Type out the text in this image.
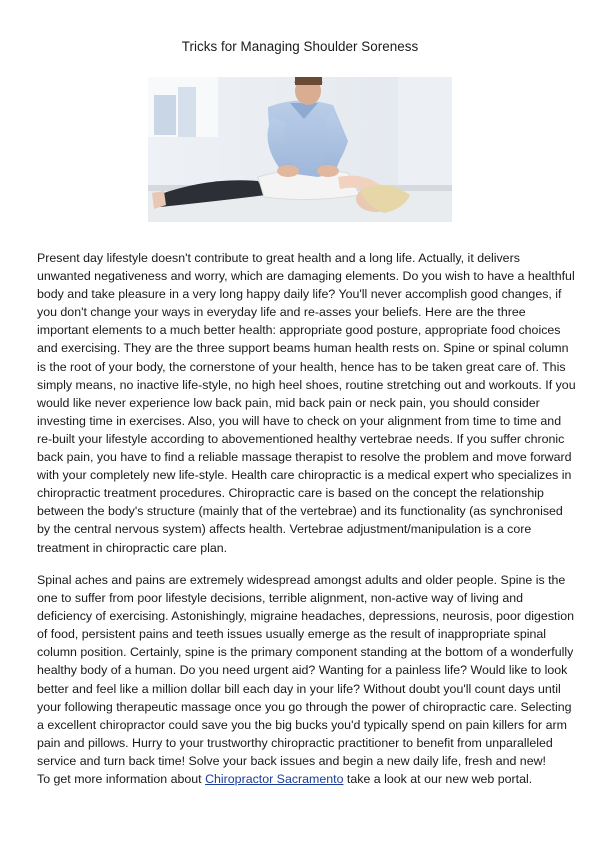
Tricks for Managing Shoulder Soreness

Present day lifestyle doesn't contribute to great health and a long life. Actually, it delivers
unwanted negativeness and worry, which are damaging elements. Do you wish to have a healthful
body and take pleasure in a very long happy daily life? You'll never accomplish good changes, if
you don't change your ways in everyday life and re-asses your beliefs. Here are the three
important elements to a much better health: appropriate good posture, appropriate food choices
and exercising. They are the three support beams human health rests on. Spine or spinal column
is the root of your body, the cornerstone of your health, hence has to be taken great care of. This
simply means, no inactive life-style, no high heel shoes, routine stretching out and workouts. If you
would like never experience low back pain, mid back pain or neck pain, you should consider
investing time in exercises. Also, you will have to check on your alignment from time to time and
re-built your lifestyle according to abovementioned healthy vertebrae needs. If you suffer chronic
back pain, you have to find a reliable massage therapist to resolve the problem and move forward
with your completely new life-style. Health care chiropractic is a medical expert who specializes in
chiropractic treatment procedures. Chiropractic care is based on the concept the relationship
between the body's structure (mainly that of the vertebrae) and its functionality (as synchronised
by the central nervous system) affects health. Vertebrae adjustment/manipulation is a core
treatment in chiropractic care plan.

Spinal aches and pains are extremely widespread amongst adults and older people. Spine is the
one to suffer from poor lifestyle decisions, terrible alignment, non-active way of living and
deficiency of exercising. Astonishingly, migraine headaches, depressions, neurosis, poor digestion
of food, persistent pains and teeth issues usually emerge as the result of inappropriate spinal
column position. Certainly, spine is the primary component standing at the bottom of a wonderfully
healthy body of a human. Do you need urgent aid? Wanting for a painless life? Would like to look
better and feel like a million dollar bill each day in your life? Without doubt you'll count days until
your following therapeutic massage once you go through the power of chiropractic care. Selecting
a excellent chiropractor could save you the big bucks you'd typically spend on pain killers for arm
pain and pillows. Hurry to your trustworthy chiropractic practitioner to benefit from unparalleled
service and turn back time! Solve your back issues and begin a new daily life, fresh and new!
To get more information about Chiropractor Sacramento take a look at our new web portal.
